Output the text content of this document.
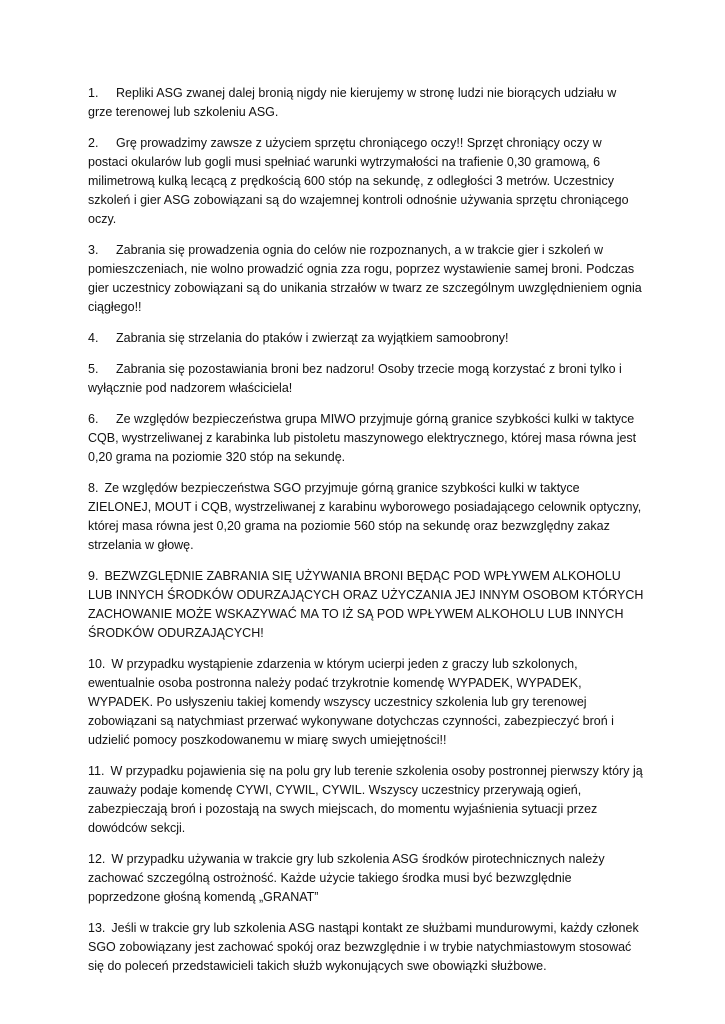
1. Repliki ASG zwanej dalej bronią nigdy nie kierujemy w stronę ludzi nie biorących udziału w grze terenowej lub szkoleniu ASG.

2. Grę prowadzimy zawsze z użyciem sprzętu chroniącego oczy!! Sprzęt chroniący oczy w postaci okularów lub gogli musi spełniać warunki wytrzymałości na trafienie 0,30 gramową, 6 milimetrową kulką lecącą z prędkością 600 stóp na sekundę, z odległości 3 metrów. Uczestnicy szkoleń i gier ASG zobowiązani są do wzajemnej kontroli odnośnie używania sprzętu chroniącego oczy.

3. Zabrania się prowadzenia ognia do celów nie rozpoznanych, a w trakcie gier i szkoleń w pomieszczeniach, nie wolno prowadzić ognia zza rogu, poprzez wystawienie samej broni. Podczas gier uczestnicy zobowiązani są do unikania strzałów w twarz ze szczególnym uwzględnieniem ognia ciągłego!!

4. Zabrania się strzelania do ptaków i zwierząt za wyjątkiem samoobrony!

5. Zabrania się pozostawiania broni bez nadzoru! Osoby trzecie mogą korzystać z broni tylko i wyłącznie pod nadzorem właściciela!

6. Ze względów bezpieczeństwa grupa MIWO przyjmuje górną granice szybkości kulki w taktyce CQB, wystrzeliwanej z karabinka lub pistoletu maszynowego elektrycznego, której masa równa jest 0,20 grama na poziomie 320 stóp na sekundę.

8. Ze względów bezpieczeństwa SGO przyjmuje górną granice szybkości kulki w taktyce ZIELONEJ, MOUT i CQB, wystrzeliwanej z karabinu wyborowego posiadającego celownik optyczny, której masa równa jest 0,20 grama na poziomie 560 stóp na sekundę oraz bezwzględny zakaz strzelania w głowę.

9. BEZWZGLĘDNIE ZABRANIA SIĘ UŻYWANIA BRONI BĘDĄC POD WPŁYWEM ALKOHOLU LUB INNYCH ŚRODKÓW ODURZAJĄCYCH ORAZ UŻYCZANIA JEJ INNYM OSOBOM KTÓRYCH ZACHOWANIE MOŻE WSKAZYWAĆ MA TO IŻ SĄ POD WPŁYWEM ALKOHOLU LUB INNYCH ŚRODKÓW ODURZAJĄCYCH!

10. W przypadku wystąpienie zdarzenia w którym ucierpi jeden z graczy lub szkolonych, ewentualnie osoba postronna należy podać trzykrotnie komendę WYPADEK, WYPADEK, WYPADEK. Po usłyszeniu takiej komendy wszyscy uczestnicy szkolenia lub gry terenowej zobowiązani są natychmiast przerwać wykonywane dotychczas czynności, zabezpieczyć broń i udzielić pomocy poszkodowanemu w miarę swych umiejętności!!

11. W przypadku pojawienia się na polu gry lub terenie szkolenia osoby postronnej pierwszy który ją zauważy podaje komendę CYWI, CYWIL, CYWIL. Wszyscy uczestnicy przerywają ogień, zabezpieczają broń i pozostają na swych miejscach, do momentu wyjaśnienia sytuacji przez dowódców sekcji.

12. W przypadku używania w trakcie gry lub szkolenia ASG środków pirotechnicznych należy zachować szczególną ostrożność. Każde użycie takiego środka musi być bezwzględnie poprzedzone głośną komendą „GRANAT”

13. Jeśli w trakcie gry lub szkolenia ASG nastąpi kontakt ze służbami mundurowymi, każdy członek SGO zobowiązany jest zachować spokój oraz bezwzględnie i w trybie natychmiastowym stosować się do poleceń przedstawicieli takich służb wykonujących swe obowiązki służbowe.
